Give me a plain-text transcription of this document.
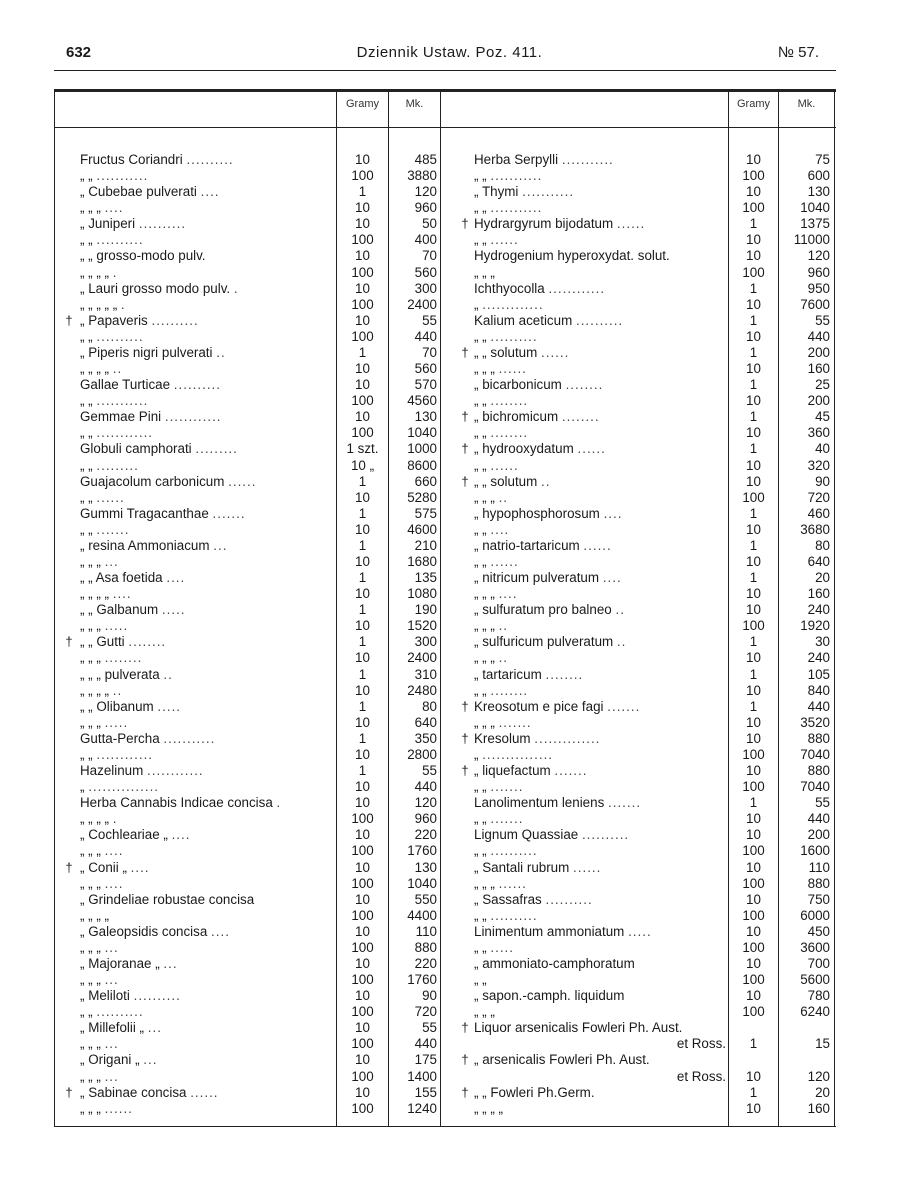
632	Dziennik Ustaw. Poz. 411.	№ 57.
Gramy	Mk.	Gramy	Mk.
Fructus Coriandri ..........	10	485
„ „ ...........	100	3880
„ Cubebae pulverati ....	1	120
„ „ „ ....	10	960
„ Juniperi ..........	10	50
„ „ ..........	100	400
„ „ grosso-modo pulv.	10	70
„ „ „ „ .	100	560
„ Lauri grosso modo pulv. .	10	300
„ „ „ „ „ .	100	2400
† „ Papaveris ..........	10	55
„ „ ..........	100	440
„ Piperis nigri pulverati ..	1	70
„ „ „ „ ..	10	560
Gallae Turticae ..........	10	570
„ „ ...........	100	4560
Gemmae Pini ............	10	130
„ „ ............	100	1040
Globuli camphorati .........	1 szt.	1000
„ „ .........	10 „	8600
Guajacolum carbonicum ......	1	660
„ „ ......	10	5280
Gummi Tragacanthae .......	1	575
„ „ .......	10	4600
„ resina Ammoniacum ...	1	210
„ „ „ ...	10	1680
„ „ Asa foetida ....	1	135
„ „ „ „ ....	10	1080
„ „ Galbanum .....	1	190
„ „ „ .....	10	1520
† „ „ Gutti ........	1	300
„ „ „ ........	10	2400
„ „ „ pulverata ..	1	310
„ „ „ „ ..	10	2480
„ „ Olibanum .....	1	80
„ „ „ .....	10	640
Gutta-Percha ...........	1	350
„ „ ............	10	2800
Hazelinum ............	1	55
„ ...............	10	440
Herba Cannabis Indicae concisa .	10	120
„ „ „ „ .	100	960
„ Cochleariae „ ....	10	220
„ „ „ ....	100	1760
† „ Conii „ ....	10	130
„ „ „ ....	100	1040
„ Grindeliae robustae concisa	10	550
„ „ „ „	100	4400
„ Galeopsidis concisa ....	10	110
„ „ „ ...	100	880
„ Majoranae „ ...	10	220
„ „ „ ...	100	1760
„ Meliloti ..........	10	90
„ „ ..........	100	720
„ Millefolii „ ...	10	55
„ „ „ ...	100	440
„ Origani „ ...	10	175
„ „ „ ...	100	1400
† „ Sabinae concisa ......	10	155
„ „ „ ......	100	1240
Herba Serpylli ...........	10	75
„ „ ...........	100	600
„ Thymi ...........	10	130
„ „ ...........	100	1040
† Hydrargyrum bijodatum ......	1	1375
„ „ ......	10	11000
Hydrogenium hyperoxydat. solut.	10	120
„ „ „	100	960
Ichthyocolla ............	1	950
„ .............	10	7600
Kalium aceticum ..........	1	55
„ „ ..........	10	440
† „ „ solutum ......	1	200
„ „ „ ......	10	160
„ bicarbonicum ........	1	25
„ „ ........	10	200
† „ bichromicum ........	1	45
„ „ ........	10	360
† „ hydrooxydatum ......	1	40
„ „ ......	10	320
† „ „ solutum ..	10	90
„ „ „ ..	100	720
„ hypophosphorosum ....	1	460
„ „ ....	10	3680
„ natrio-tartaricum ......	1	80
„ „ ......	10	640
„ nitricum pulveratum ....	1	20
„ „ „ ....	10	160
„ sulfuratum pro balneo ..	10	240
„ „ „ ..	100	1920
„ sulfuricum pulveratum ..	1	30
„ „ „ ..	10	240
„ tartaricum ........	1	105
„ „ ........	10	840
† Kreosotum e pice fagi .......	1	440
„ „ „ .......	10	3520
† Kresolum ..............	10	880
„ ...............	100	7040
† „ liquefactum .......	10	880
„ „ .......	100	7040
Lanolimentum leniens .......	1	55
„ „ .......	10	440
Lignum Quassiae ..........	10	200
„ „ ..........	100	1600
„ Santali rubrum ......	10	110
„ „ „ ......	100	880
„ Sassafras ..........	10	750
„ „ ..........	100	6000
Linimentum ammoniatum .....	10	450
„ „ .....	100	3600
„ ammoniato-camphoratum	10	700
„ „	100	5600
„ sapon.-camph. liquidum	10	780
„ „ „	100	6240
† Liquor arsenicalis Fowleri Ph. Aust.
et Ross.	1	15
† „ arsenicalis Fowleri Ph. Aust.
et Ross.	10	120
† „ „ Fowleri Ph.Germ.	1	20
„ „ „ „	10	160
